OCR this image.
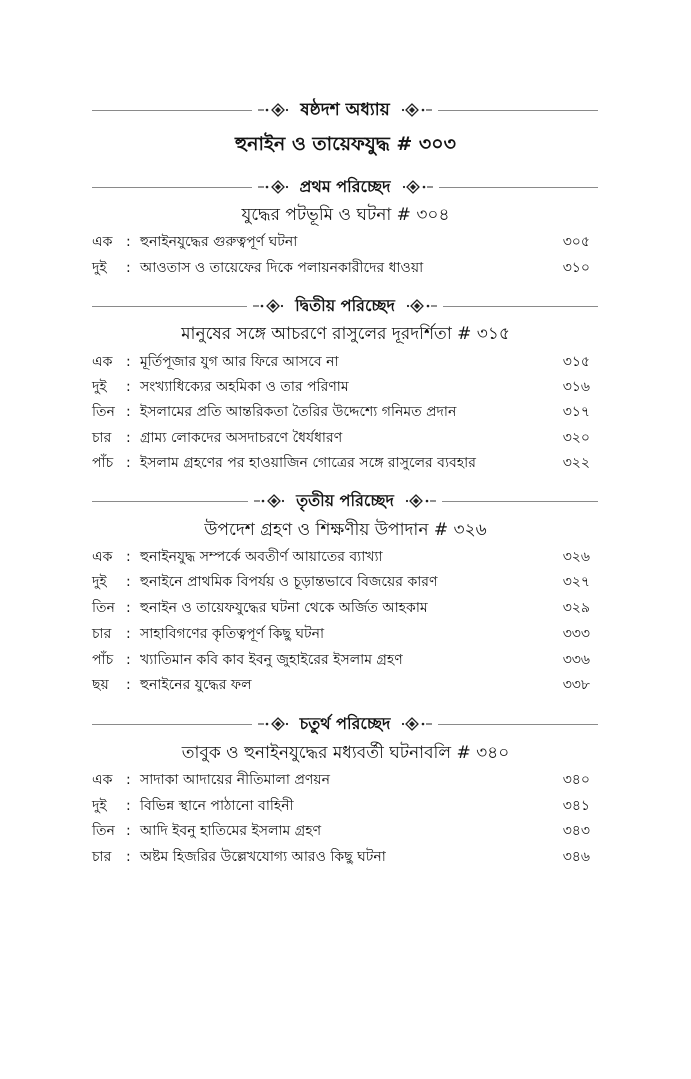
ষষ্ঠদশ অধ্যায়
হুনাইন ও তায়েফযুদ্ধ # ৩০৩
প্রথম পরিচ্ছেদ
যুদ্ধের পটভূমি ও ঘটনা # ৩০৪
এক : হুনাইনযুদ্ধের গুরুত্বপূর্ণ ঘটনা	৩০৫
দুই	: আওতাস ও তায়েফের দিকে পলায়নকারীদের ধাওয়া	৩১০
দ্বিতীয় পরিচ্ছেদ
মানুষের সঙ্গে আচরণে রাসুলের দূরদর্শিতা # ৩১৫
এক : মূর্তিপূজার যুগ আর ফিরে আসবে না	৩১৫
দুই	: সংখ্যাধিক্যের অহমিকা ও তার পরিণাম	৩১৬
তিন : ইসলামের প্রতি আন্তরিকতা তৈরির উদ্দেশ্যে গনিমত প্রদান	৩১৭
চার	: গ্রাম্য লোকদের অসদাচরণে ধৈর্যধারণ	৩২০
পাঁচ : ইসলাম গ্রহণের পর হাওয়াজিন গোত্রের সঙ্গে রাসুলের ব্যবহার	৩২২
তৃতীয় পরিচ্ছেদ
উপদেশ গ্রহণ ও শিক্ষণীয় উপাদান # ৩২৬
এক : হুনাইনযুদ্ধ সম্পর্কে অবতীর্ণ আয়াতের ব্যাখ্যা	৩২৬
দুই	: হুনাইনে প্রাথমিক বিপর্যয় ও চূড়ান্তভাবে বিজয়ের কারণ	৩২৭
তিন : হুনাইন ও তায়েফযুদ্ধের ঘটনা থেকে অর্জিত আহকাম	৩২৯
চার	: সাহাবিগণের কৃতিত্বপূর্ণ কিছু ঘটনা	৩৩৩
পাঁচ : খ্যাতিমান কবি কাব ইবনু জুহাইরের ইসলাম গ্রহণ	৩৩৬
ছয়	: হুনাইনের যুদ্ধের ফল	৩৩৮
চতুর্থ পরিচ্ছেদ
তাবুক ও হুনাইনযুদ্ধের মধ্যবর্তী ঘটনাবলি # ৩৪০
এক : সাদাকা আদায়ের নীতিমালা প্রণয়ন	৩৪০
দুই	: বিভিন্ন স্থানে পাঠানো বাহিনী	৩৪১
তিন : আদি ইবনু হাতিমের ইসলাম গ্রহণ	৩৪৩
চার	: অষ্টম হিজরির উল্লেখযোগ্য আরও কিছু ঘটনা	৩৪৬
